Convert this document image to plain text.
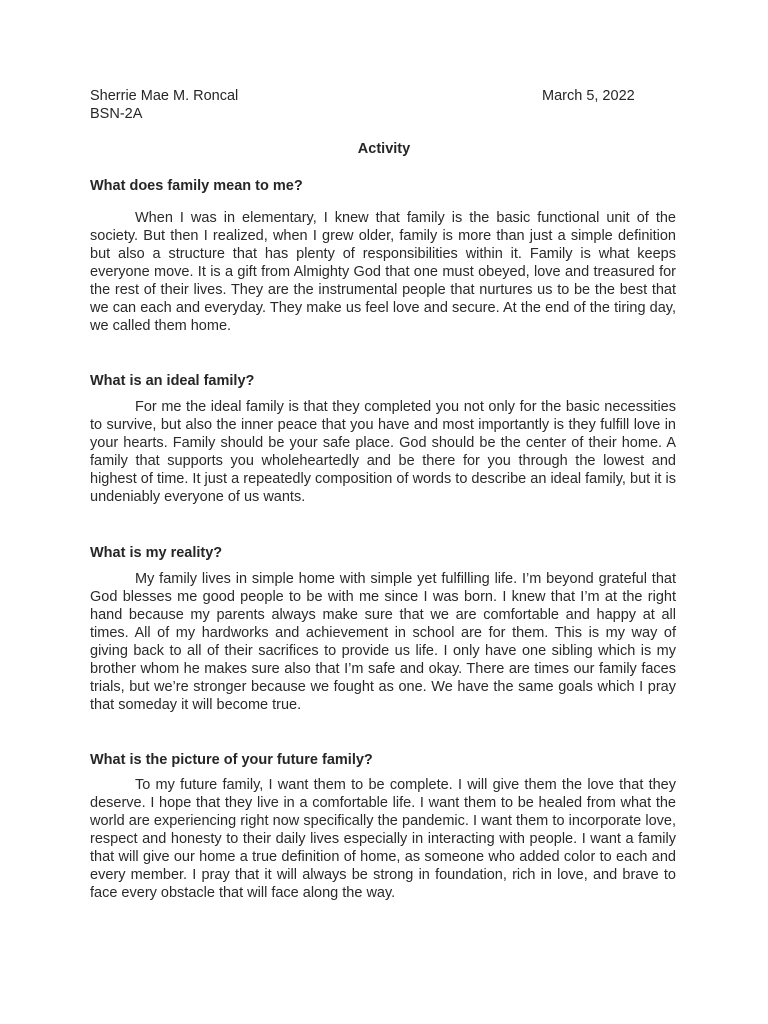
Sherrie Mae M. Roncal
BSN-2A
March 5, 2022
Activity
What does family mean to me?
When I was in elementary, I knew that family is the basic functional unit of the society. But then I realized, when I grew older, family is more than just a simple definition but also a structure that has plenty of responsibilities within it. Family is what keeps everyone move. It is a gift from Almighty God that one must obeyed, love and treasured for the rest of their lives. They are the instrumental people that nurtures us to be the best that we can each and everyday. They make us feel love and secure. At the end of the tiring day, we called them home.
What is an ideal family?
For me the ideal family is that they completed you not only for the basic necessities to survive, but also the inner peace that you have and most importantly is they fulfill love in your hearts. Family should be your safe place. God should be the center of their home. A family that supports you wholeheartedly and be there for you through the lowest and highest of time. It just a repeatedly composition of words to describe an ideal family, but it is undeniably everyone of us wants.
What is my reality?
My family lives in simple home with simple yet fulfilling life. I’m beyond grateful that God blesses me good people to be with me since I was born. I knew that I’m at the right hand because my parents always make sure that we are comfortable and happy at all times. All of my hardworks and achievement in school are for them. This is my way of giving back to all of their sacrifices to provide us life. I only have one sibling which is my brother whom he makes sure also that I’m safe and okay. There are times our family faces trials, but we’re stronger because we fought as one. We have the same goals which I pray that someday it will become true.
What is the picture of your future family?
To my future family, I want them to be complete. I will give them the love that they deserve. I hope that they live in a comfortable life. I want them to be healed from what the world are experiencing right now specifically the pandemic. I want them to incorporate love, respect and honesty to their daily lives especially in interacting with people. I want a family that will give our home a true definition of home, as someone who added color to each and every member. I pray that it will always be strong in foundation, rich in love, and brave to face every obstacle that will face along the way.
